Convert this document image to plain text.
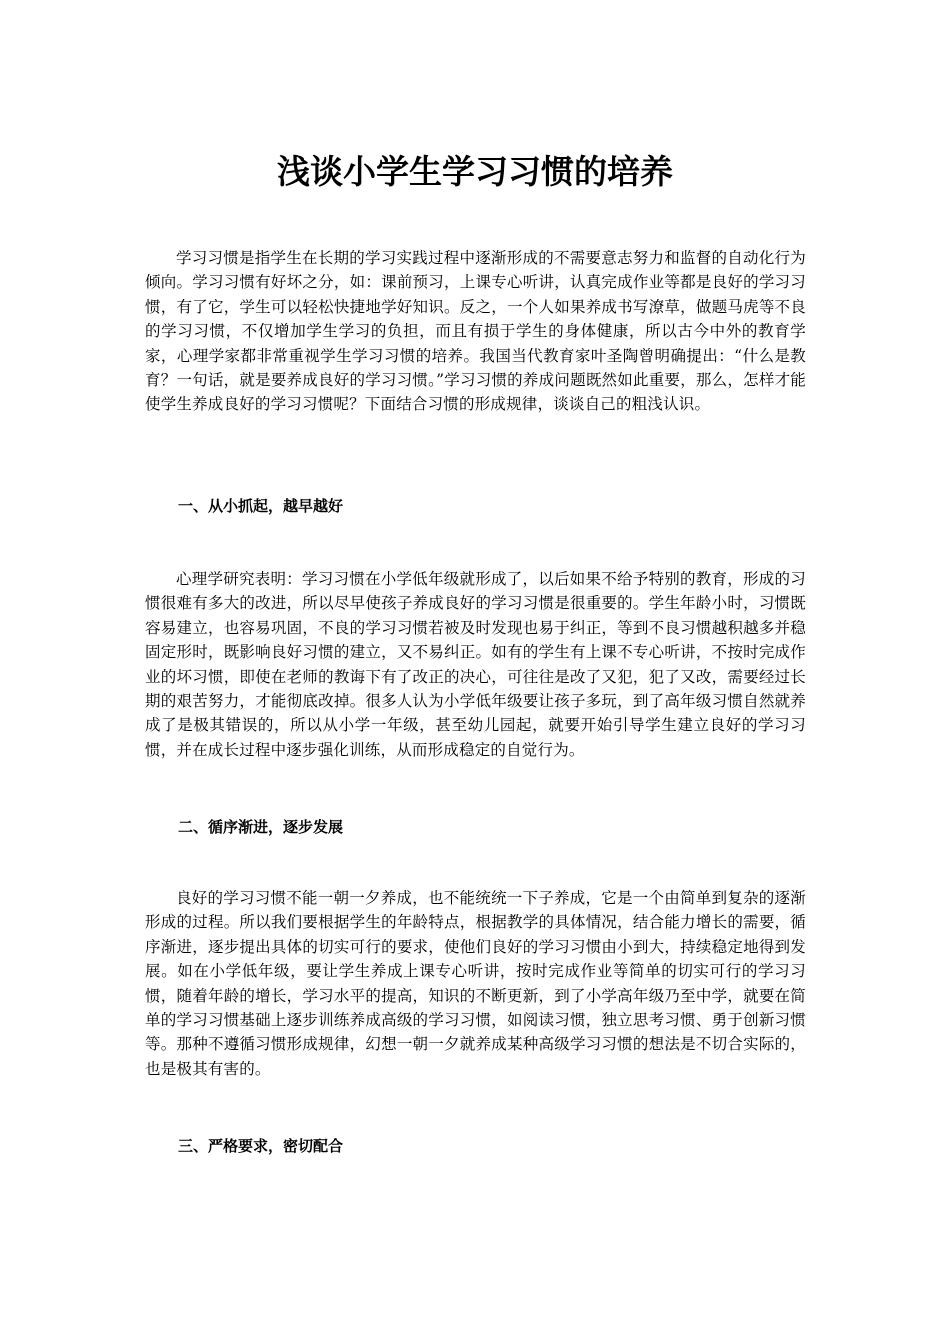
浅谈小学生学习习惯的培养

学习习惯是指学生在长期的学习实践过程中逐渐形成的不需要意志努力和监督的自动化行为倾向。学习习惯有好坏之分，如：课前预习，上课专心听讲，认真完成作业等都是良好的学习习惯，有了它，学生可以轻松快捷地学好知识。反之，一个人如果养成书写潦草，做题马虎等不良的学习习惯，不仅增加学生学习的负担，而且有损于学生的身体健康，所以古今中外的教育学家，心理学家都非常重视学生学习习惯的培养。我国当代教育家叶圣陶曾明确提出：“什么是教育？一句话，就是要养成良好的学习习惯。”学习习惯的养成问题既然如此重要，那么，怎样才能使学生养成良好的学习习惯呢？下面结合习惯的形成规律，谈谈自己的粗浅认识。

一、从小抓起，越早越好

心理学研究表明：学习习惯在小学低年级就形成了，以后如果不给予特别的教育，形成的习惯很难有多大的改进，所以尽早使孩子养成良好的学习习惯是很重要的。学生年龄小时，习惯既容易建立，也容易巩固，不良的学习习惯若被及时发现也易于纠正，等到不良习惯越积越多并稳固定形时，既影响良好习惯的建立，又不易纠正。如有的学生有上课不专心听讲，不按时完成作业的坏习惯，即使在老师的教诲下有了改正的决心，可往往是改了又犯，犯了又改，需要经过长期的艰苦努力，才能彻底改掉。很多人认为小学低年级要让孩子多玩，到了高年级习惯自然就养成了是极其错误的，所以从小学一年级，甚至幼儿园起，就要开始引导学生建立良好的学习习惯，并在成长过程中逐步强化训练，从而形成稳定的自觉行为。

二、循序渐进，逐步发展

良好的学习习惯不能一朝一夕养成，也不能统统一下子养成，它是一个由简单到复杂的逐渐形成的过程。所以我们要根据学生的年龄特点，根据教学的具体情况，结合能力增长的需要，循序渐进，逐步提出具体的切实可行的要求，使他们良好的学习习惯由小到大，持续稳定地得到发展。如在小学低年级，要让学生养成上课专心听讲，按时完成作业等简单的切实可行的学习习惯，随着年龄的增长，学习水平的提高，知识的不断更新，到了小学高年级乃至中学，就要在简单的学习习惯基础上逐步训练养成高级的学习习惯，如阅读习惯，独立思考习惯、勇于创新习惯等。那种不遵循习惯形成规律，幻想一朝一夕就养成某种高级学习习惯的想法是不切合实际的，也是极其有害的。

三、严格要求，密切配合
